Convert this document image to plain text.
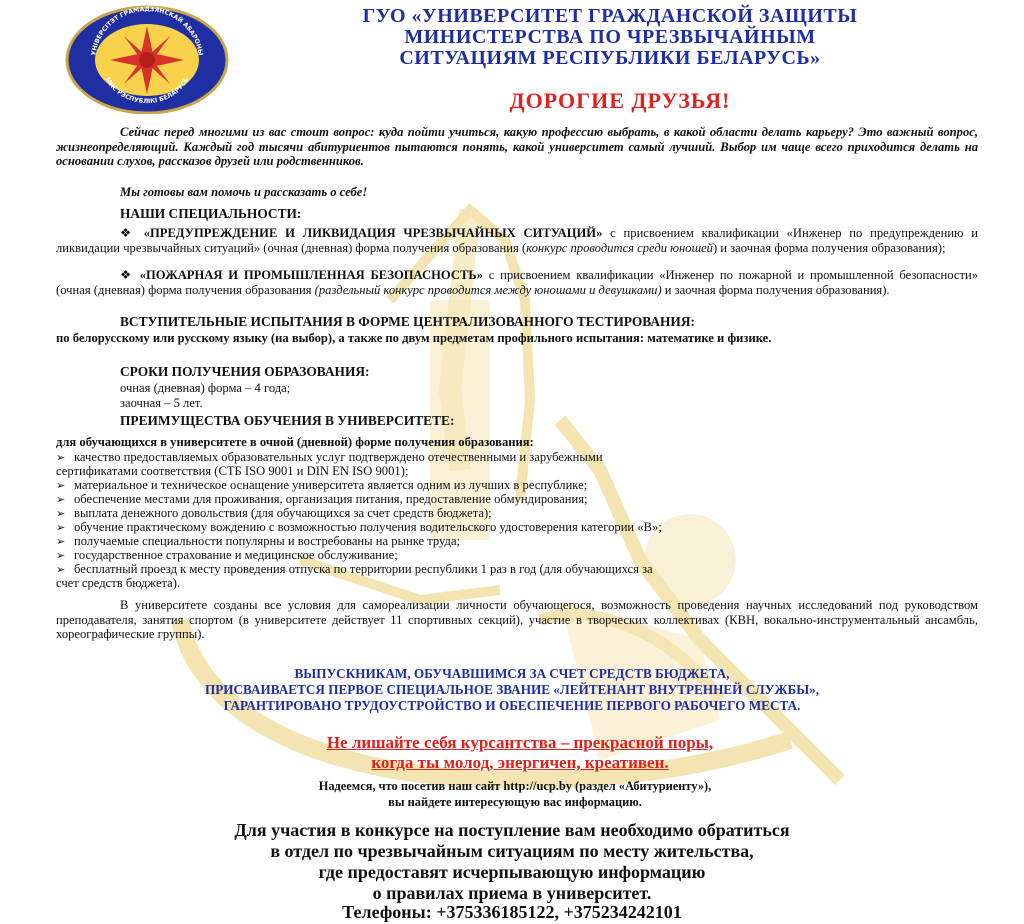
УНІВЕРСІТЭТ ГРАМАДЗЯНСКАЙ АБАРОНЫ
МНС РЭСПУБЛІКІ БЕЛАРУСЬ
ГУО «УНИВЕРСИТЕТ ГРАЖДАНСКОЙ ЗАЩИТЫ
МИНИСТЕРСТВА ПО ЧРЕЗВЫЧАЙНЫМ
СИТУАЦИЯМ РЕСПУБЛИКИ БЕЛАРУСЬ»
ДОРОГИЕ ДРУЗЬЯ!
Сейчас перед многими из вас стоит вопрос: куда пойти учиться, какую профессию выбрать, в какой области делать карьеру? Это важный вопрос, жизнеопределяющий. Каждый год тысячи абитуриентов пытаются понять, какой университет самый лучший. Выбор им чаще всего приходится делать на основании слухов, рассказов друзей или родственников.
Мы готовы вам помочь и рассказать о себе!
НАШИ СПЕЦИАЛЬНОСТИ:
❖ «ПРЕДУПРЕЖДЕНИЕ И ЛИКВИДАЦИЯ ЧРЕЗВЫЧАЙНЫХ СИТУАЦИЙ» с присвоением квалификации «Инженер по предупреждению и ликвидации чрезвычайных ситуаций» (очная (дневная) форма получения образования (конкурс проводится среди юношей) и заочная форма получения образования);
❖ «ПОЖАРНАЯ И ПРОМЫШЛЕННАЯ БЕЗОПАСНОСТЬ» с присвоением квалификации «Инженер по пожарной и промышленной безопасности» (очная (дневная) форма получения образования (раздельный конкурс проводится между юношами и девушками) и заочная форма получения образования).
ВСТУПИТЕЛЬНЫЕ ИСПЫТАНИЯ В ФОРМЕ ЦЕНТРАЛИЗОВАННОГО ТЕСТИРОВАНИЯ:
по белорусскому или русскому языку (на выбор), а также по двум предметам профильного испытания: математике и физике.
СРОКИ ПОЛУЧЕНИЯ ОБРАЗОВАНИЯ:
очная (дневная) форма – 4 года;
заочная – 5 лет.
ПРЕИМУЩЕСТВА ОБУЧЕНИЯ В УНИВЕРСИТЕТЕ:
для обучающихся в университете в очной (дневной) форме получения образования:
➢ качество предоставляемых образовательных услуг подтверждено отечественными и зарубежными
сертификатами соответствия (СТБ ISO 9001 и DIN EN ISO 9001);
➢ материальное и техническое оснащение университета является одним из лучших в республике;
➢ обеспечение местами для проживания, организация питания, предоставление обмундирования;
➢ выплата денежного довольствия (для обучающихся за счет средств бюджета);
➢ обучение практическому вождению с возможностью получения водительского удостоверения категории «В»;
➢ получаемые специальности популярны и востребованы на рынке труда;
➢ государственное страхование и медицинское обслуживание;
➢ бесплатный проезд к месту проведения отпуска по территории республики 1 раз в год (для обучающихся за
счет средств бюджета).
В университете созданы все условия для самореализации личности обучающегося, возможность проведения научных исследований под руководством преподавателя, занятия спортом (в университете действует 11 спортивных секций), участие в творческих коллективах (КВН, вокально-инструментальный ансамбль, хореографические группы).
ВЫПУСКНИКАМ, ОБУЧАВШИМСЯ ЗА СЧЕТ СРЕДСТВ БЮДЖЕТА,
ПРИСВАИВАЕТСЯ ПЕРВОЕ СПЕЦИАЛЬНОЕ ЗВАНИЕ «ЛЕЙТЕНАНТ ВНУТРЕННЕЙ СЛУЖБЫ»,
ГАРАНТИРОВАНО ТРУДОУСТРОЙСТВО И ОБЕСПЕЧЕНИЕ ПЕРВОГО РАБОЧЕГО МЕСТА.
Не лишайте себя курсантства – прекрасной поры,
когда ты молод, энергичен, креативен.
Надеемся, что посетив наш сайт http://ucp.by (раздел «Абитуриенту»),
вы найдете интересующую вас информацию.
Для участия в конкурсе на поступление вам необходимо обратиться
в отдел по чрезвычайным ситуациям по месту жительства,
где предоставят исчерпывающую информацию
о правилах приема в университет.
Телефоны: +375336185122, +375234242101
